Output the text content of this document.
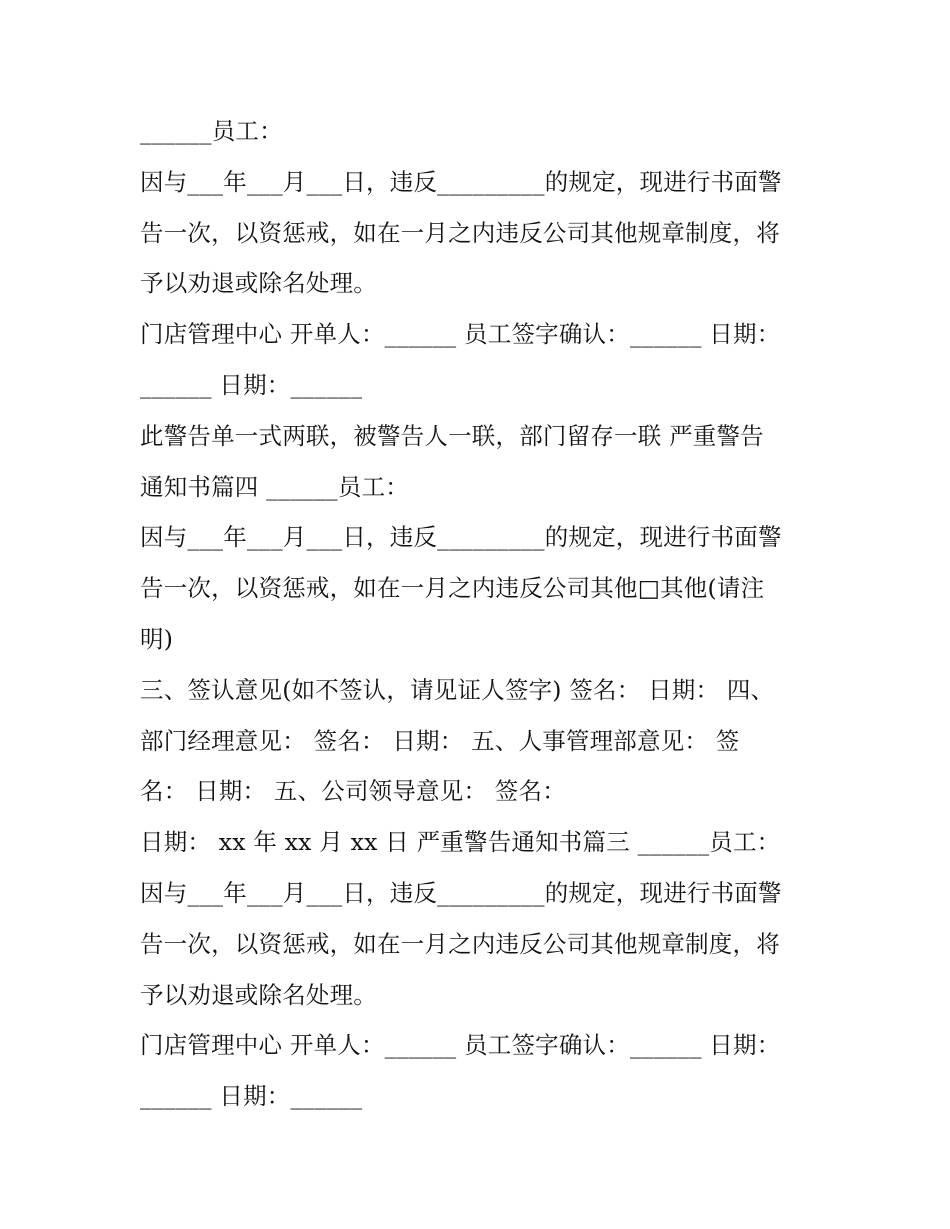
______员工：
因与___年___月___日，违反_________的规定，现进行书面警
告一次，以资惩戒，如在一月之内违反公司其他规章制度，将
予以劝退或除名处理。
门店管理中心 开单人：______ 员工签字确认：______ 日期：
______ 日期：______
此警告单一式两联，被警告人一联，部门留存一联 严重警告
通知书篇四 ______员工：
因与___年___月___日，违反_________的规定，现进行书面警
告一次，以资惩戒，如在一月之内违反公司其他□其他(请注
明)
三、签认意见(如不签认，请见证人签字) 签名： 日期： 四、
部门经理意见： 签名： 日期： 五、人事管理部意见： 签
名： 日期： 五、公司领导意见： 签名：
日期： xx 年 xx 月 xx 日 严重警告通知书篇三 ______员工：
因与___年___月___日，违反_________的规定，现进行书面警
告一次，以资惩戒，如在一月之内违反公司其他规章制度，将
予以劝退或除名处理。
门店管理中心 开单人：______ 员工签字确认：______ 日期：
______ 日期：______
